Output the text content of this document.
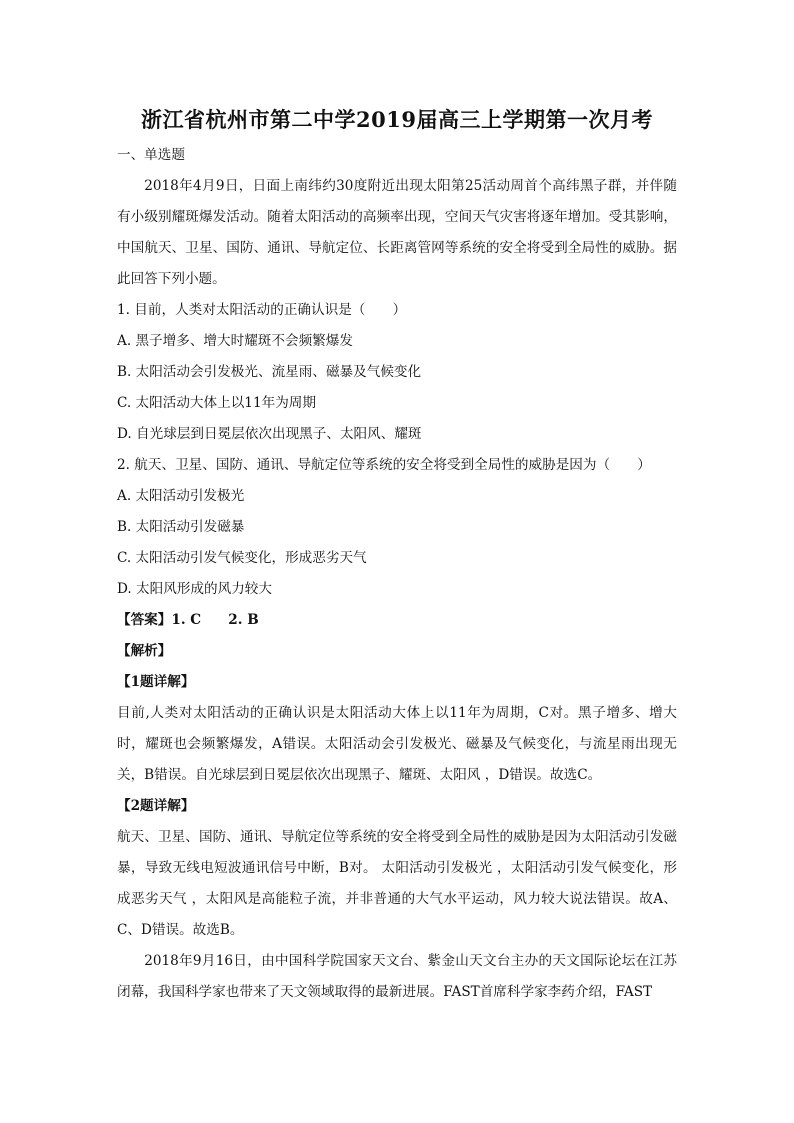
浙江省杭州市第二中学2019届高三上学期第一次月考

一、单选题

2018年4月9日，日面上南纬约30度附近出现太阳第25活动周首个高纬黑子群，并伴随有小级别耀斑爆发活动。随着太阳活动的高频率出现，空间天气灾害将逐年增加。受其影响，中国航天、卫星、国防、通讯、导航定位、长距离管网等系统的安全将受到全局性的威胁。据此回答下列小题。

1. 目前，人类对太阳活动的正确认识是（　　）

A. 黑子增多、增大时耀斑不会频繁爆发

B. 太阳活动会引发极光、流星雨、磁暴及气候变化

C. 太阳活动大体上以11年为周期

D. 自光球层到日冕层依次出现黑子、太阳风、耀斑

2. 航天、卫星、国防、通讯、导航定位等系统的安全将受到全局性的威胁是因为（　　）

A. 太阳活动引发极光

B. 太阳活动引发磁暴

C. 太阳活动引发气候变化，形成恶劣天气

D. 太阳风形成的风力较大

【答案】1. C　　2. B

【解析】

【1题详解】

目前,人类对太阳活动的正确认识是太阳活动大体上以11年为周期，C对。黑子增多、增大时，耀斑也会频繁爆发，A错误。太阳活动会引发极光、磁暴及气候变化，与流星雨出现无关，B错误。自光球层到日冕层依次出现黑子、耀斑、太阳风 ，D错误。故选C。

【2题详解】

航天、卫星、国防、通讯、导航定位等系统的安全将受到全局性的威胁是因为太阳活动引发磁暴，导致无线电短波通讯信号中断，B对。 太阳活动引发极光 ，太阳活动引发气候变化，形成恶劣天气 ，太阳风是高能粒子流，并非普通的大气水平运动，风力较大说法错误。故A、C、D错误。故选B。

2018年9月16日，由中国科学院国家天文台、紫金山天文台主办的天文国际论坛在江苏闭幕，我国科学家也带来了天文领域取得的最新进展。FAST首席科学家李药介绍，FAST
